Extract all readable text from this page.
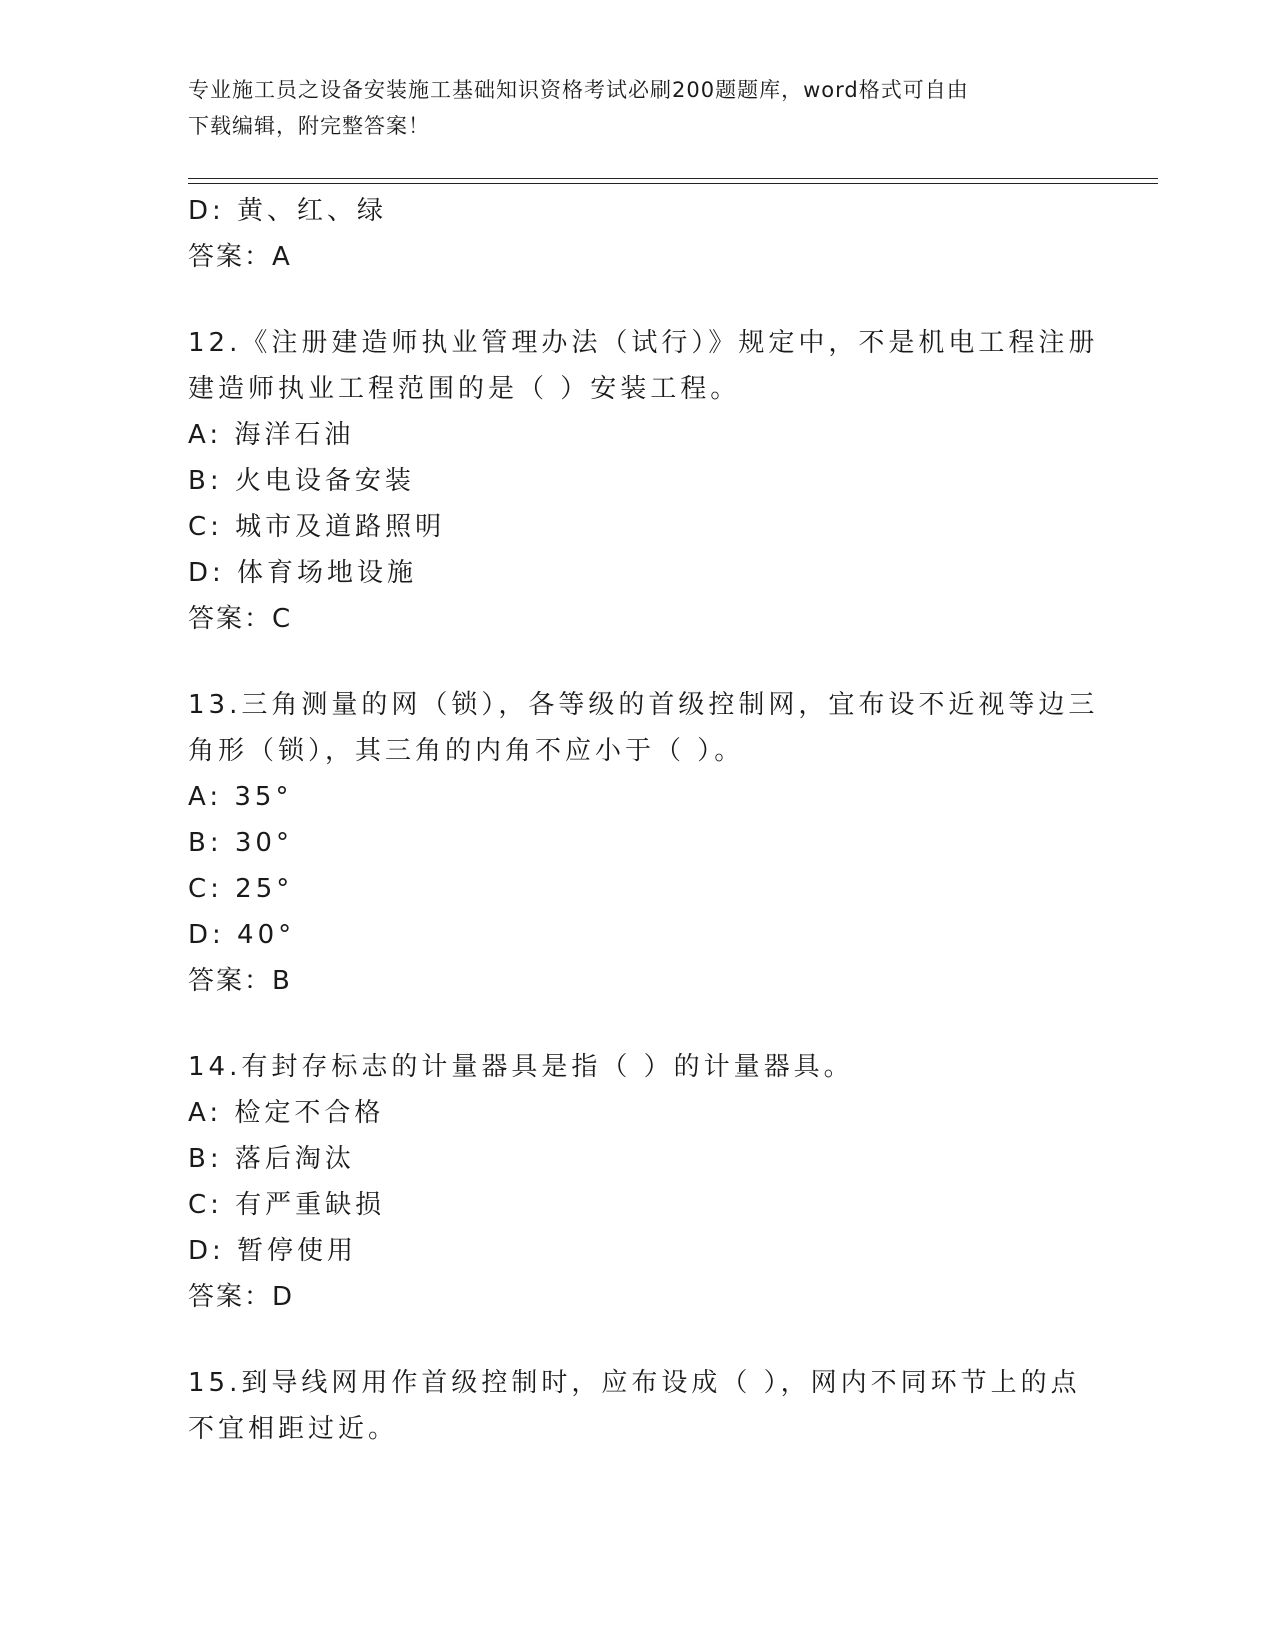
专业施工员之设备安装施工基础知识资格考试必刷200题题库，word格式可自由
下载编辑，附完整答案！
D: 黄、红、绿
答案：A
12.《注册建造师执业管理办法（试行）》规定中，不是机电工程注册
建造师执业工程范围的是（ ）安装工程。
A: 海洋石油
B: 火电设备安装
C: 城市及道路照明
D: 体育场地设施
答案：C
13.三角测量的网（锁），各等级的首级控制网，宜布设不近视等边三
角形（锁），其三角的内角不应小于（ ）。
A: 35°
B: 30°
C: 25°
D: 40°
答案：B
14.有封存标志的计量器具是指（ ）的计量器具。
A: 检定不合格
B: 落后淘汰
C: 有严重缺损
D: 暂停使用
答案：D
15.到导线网用作首级控制时，应布设成（ ），网内不同环节上的点
不宜相距过近。
